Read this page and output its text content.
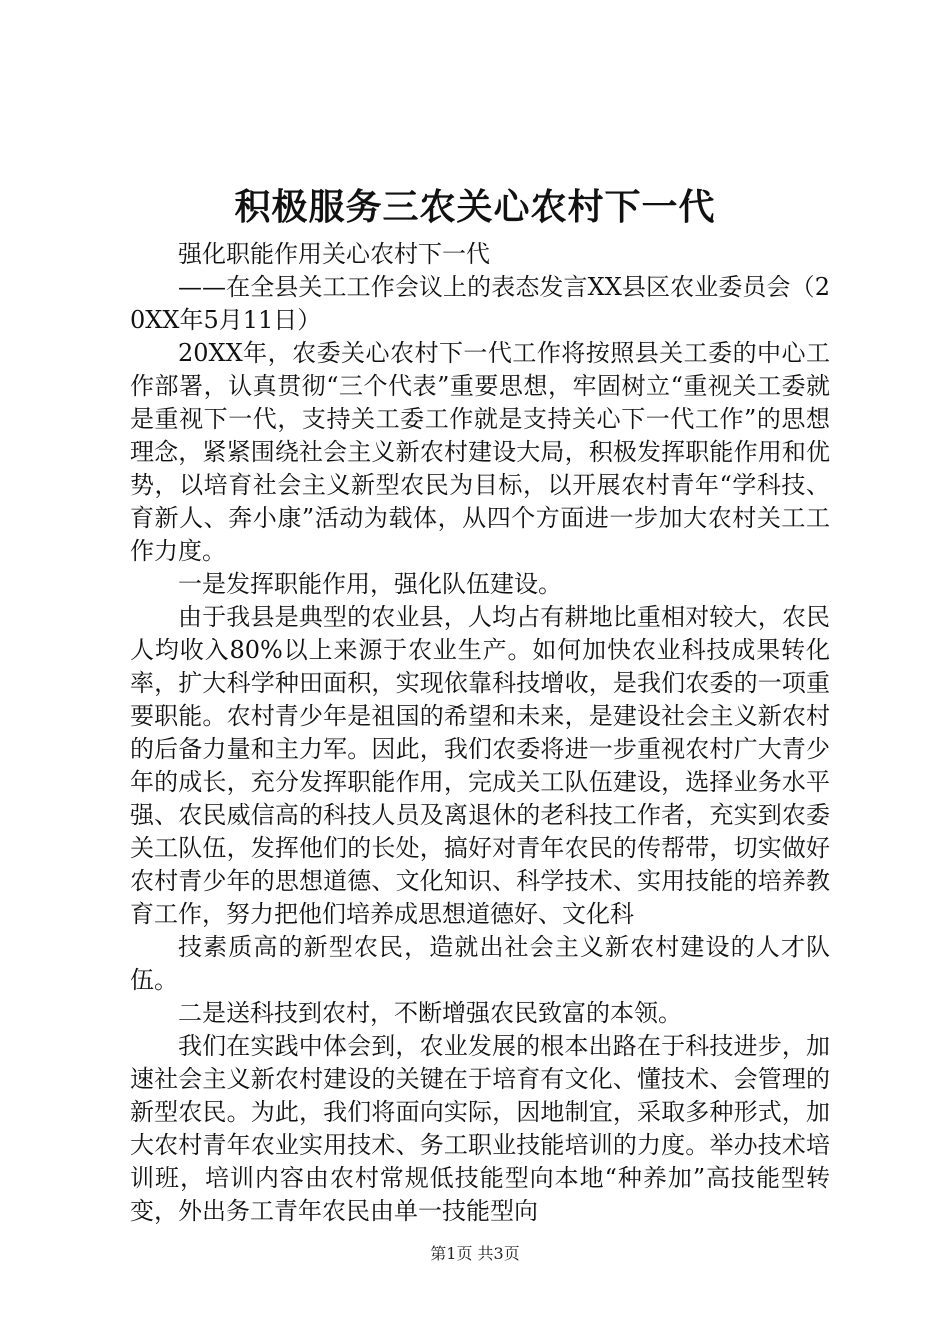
积极服务三农关心农村下一代

强化职能作用关心农村下一代

——在全县关工工作会议上的表态发言XX县区农业委员会（20XX年5月11日）

20XX年，农委关心农村下一代工作将按照县关工委的中心工作部署，认真贯彻“三个代表”重要思想，牢固树立“重视关工委就是重视下一代，支持关工委工作就是支持关心下一代工作”的思想理念，紧紧围绕社会主义新农村建设大局，积极发挥职能作用和优势，以培育社会主义新型农民为目标，以开展农村青年“学科技、育新人、奔小康”活动为载体，从四个方面进一步加大农村关工工作力度。

一是发挥职能作用，强化队伍建设。

由于我县是典型的农业县，人均占有耕地比重相对较大，农民人均收入80%以上来源于农业生产。如何加快农业科技成果转化率，扩大科学种田面积，实现依靠科技增收，是我们农委的一项重要职能。农村青少年是祖国的希望和未来，是建设社会主义新农村的后备力量和主力军。因此，我们农委将进一步重视农村广大青少年的成长，充分发挥职能作用，完成关工队伍建设，选择业务水平强、农民威信高的科技人员及离退休的老科技工作者，充实到农委关工队伍，发挥他们的长处，搞好对青年农民的传帮带，切实做好农村青少年的思想道德、文化知识、科学技术、实用技能的培养教育工作，努力把他们培养成思想道德好、文化科

技素质高的新型农民，造就出社会主义新农村建设的人才队伍。

二是送科技到农村，不断增强农民致富的本领。

我们在实践中体会到，农业发展的根本出路在于科技进步，加速社会主义新农村建设的关键在于培育有文化、懂技术、会管理的新型农民。为此，我们将面向实际，因地制宜，采取多种形式，加大农村青年农业实用技术、务工职业技能培训的力度。举办技术培训班，培训内容由农村常规低技能型向本地“种养加”高技能型转变，外出务工青年农民由单一技能型向

第1页 共3页
